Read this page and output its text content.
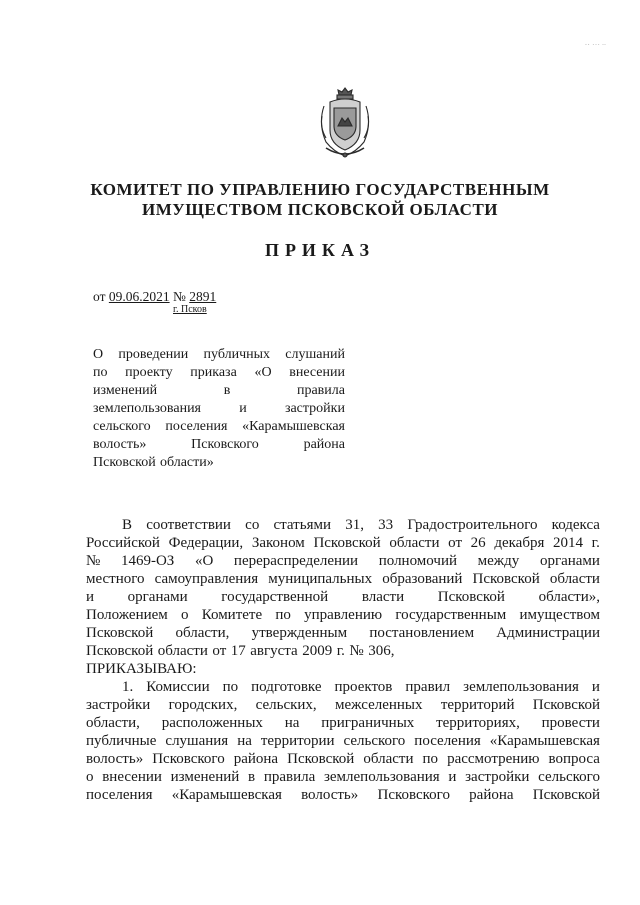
‥ … ..
КОМИТЕТ ПО УПРАВЛЕНИЮ ГОСУДАРСТВЕННЫМ
ИМУЩЕСТВОМ ПСКОВСКОЙ ОБЛАСТИ
ПРИКАЗ
от 09.06.2021 № 2891
г. Псков
О проведении публичных слушаний
по проекту приказа «О внесении
изменений	в	правила
землепользования	и	застройки
сельского поселения «Карамышевская
волость»	Псковского	района
Псковской области»
В соответствии со статьями 31, 33 Градостроительного кодекса
Российской Федерации, Законом Псковской области от 26 декабря 2014 г.
№ 1469-ОЗ «О перераспределении полномочий между органами
местного самоуправления муниципальных образований Псковской области
и органами государственной власти Псковской области»,
Положением о Комитете по управлению государственным имуществом
Псковской области, утвержденным постановлением Администрации
Псковской области от 17 августа 2009 г. № 306,
ПРИКАЗЫВАЮ:
1. Комиссии по подготовке проектов правил землепользования и
застройки городских, сельских, межселенных территорий Псковской
области, расположенных на приграничных территориях, провести
публичные слушания на территории сельского поселения «Карамышевская
волость» Псковского района Псковской области по рассмотрению вопроса
о внесении изменений в правила землепользования и застройки сельского
поселения «Карамышевская волость» Псковского района Псковской
